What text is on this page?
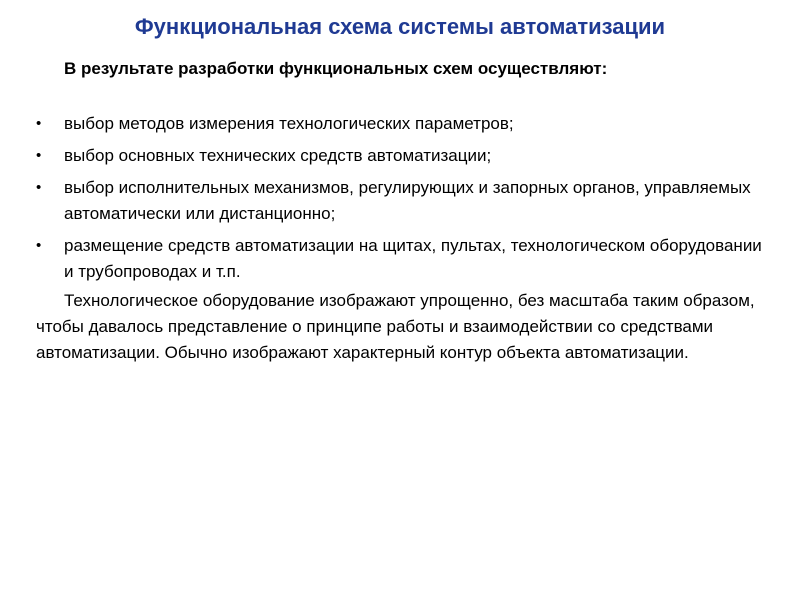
Функциональная схема системы автоматизации
В результате разработки функциональных схем осуществляют:
•	выбор методов измерения технологических параметров;
•	выбор основных технических средств автоматизации;
•	выбор исполнительных механизмов, регулирующих и запорных органов, управляемых автоматически или дистанционно;
•	размещение средств автоматизации на щитах, пультах, технологическом оборудовании и трубопроводах и т.п.
Технологическое оборудование изображают упрощенно, без масштаба таким образом, чтобы давалось представление о принципе работы и взаимодействии со средствами автоматизации. Обычно изображают характерный контур объекта автоматизации.
